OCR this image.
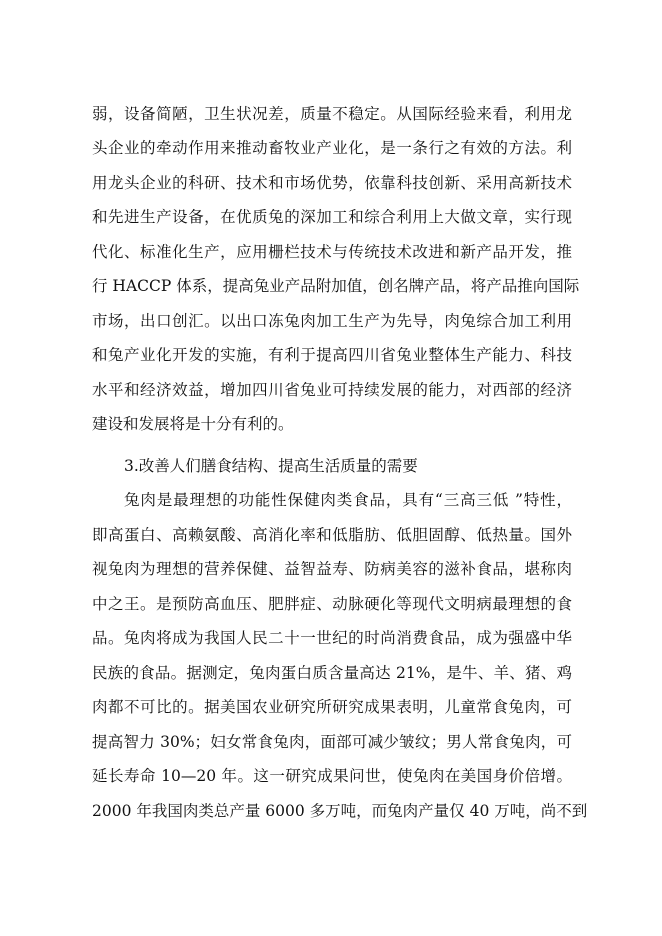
弱，设备简陋，卫生状况差，质量不稳定。从国际经验来看，利用龙
头企业的牵动作用来推动畜牧业产业化，是一条行之有效的方法。利
用龙头企业的科研、技术和市场优势，依靠科技创新、采用高新技术
和先进生产设备，在优质兔的深加工和综合利用上大做文章，实行现
代化、标准化生产，应用栅栏技术与传统技术改进和新产品开发，推
行 HACCP 体系，提高兔业产品附加值，创名牌产品，将产品推向国际
市场，出口创汇。以出口冻兔肉加工生产为先导，肉兔综合加工利用
和兔产业化开发的实施，有利于提高四川省兔业整体生产能力、科技
水平和经济效益，增加四川省兔业可持续发展的能力，对西部的经济
建设和发展将是十分有利的。
3.改善人们膳食结构、提高生活质量的需要
兔肉是最理想的功能性保健肉类食品，具有“三高三低 ”特性，
即高蛋白、高赖氨酸、高消化率和低脂肪、低胆固醇、低热量。国外
视兔肉为理想的营养保健、益智益寿、防病美容的滋补食品，堪称肉
中之王。是预防高血压、肥胖症、动脉硬化等现代文明病最理想的食
品。兔肉将成为我国人民二十一世纪的时尚消费食品，成为强盛中华
民族的食品。据测定，兔肉蛋白质含量高达 21%，是牛、羊、猪、鸡
肉都不可比的。据美国农业研究所研究成果表明，儿童常食兔肉，可
提高智力 30%；妇女常食兔肉，面部可减少皱纹；男人常食兔肉，可
延长寿命 10—20 年。这一研究成果问世，使兔肉在美国身价倍增。
2000 年我国肉类总产量 6000 多万吨，而兔肉产量仅 40 万吨，尚不到
